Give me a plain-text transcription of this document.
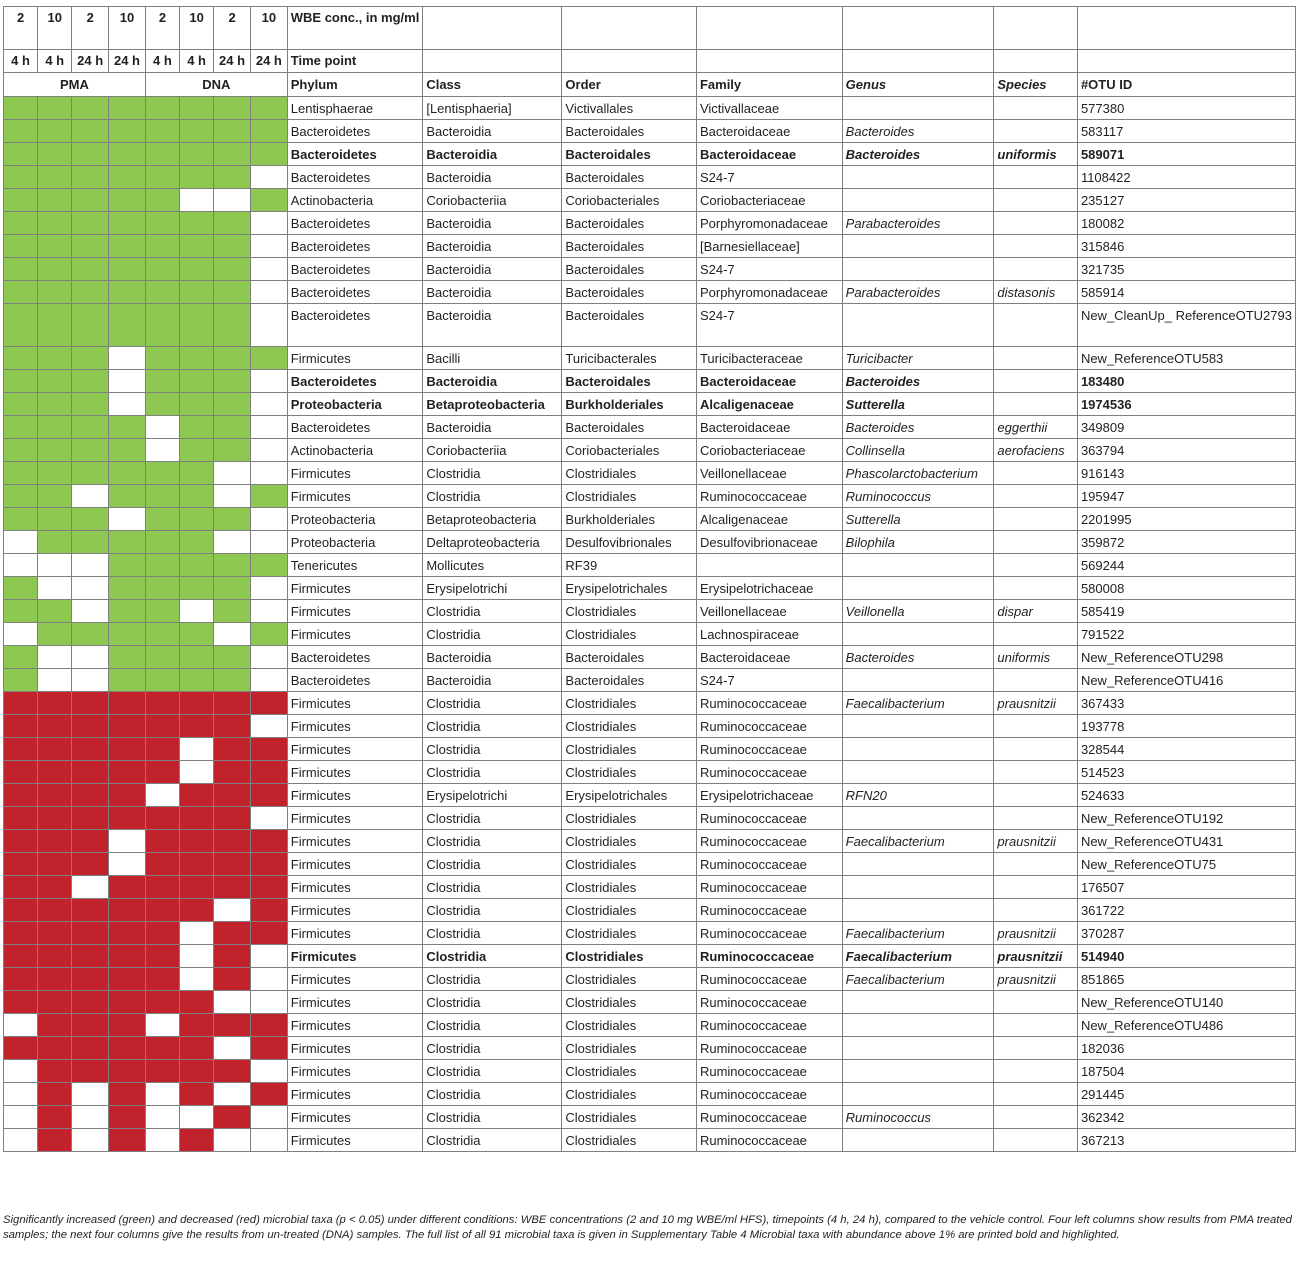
2	10	2	10	2	10	2	10	WBE conc., in mg/ml						
4 h	4 h	24 h	24 h	4 h	4 h	24 h	24 h	Time point						
PMA				DNA				Phylum	Class	Order	Family	Genus	Species	#OTU ID
								Lentisphaerae	[Lentisphaeria]	Victivallales	Victivallaceae			577380
								Bacteroidetes	Bacteroidia	Bacteroidales	Bacteroidaceae	Bacteroides		583117
								Bacteroidetes	Bacteroidia	Bacteroidales	Bacteroidaceae	Bacteroides	uniformis	589071
								Bacteroidetes	Bacteroidia	Bacteroidales	S24-7			1108422
								Actinobacteria	Coriobacteriia	Coriobacteriales	Coriobacteriaceae			235127
								Bacteroidetes	Bacteroidia	Bacteroidales	Porphyromonadaceae	Parabacteroides		180082
								Bacteroidetes	Bacteroidia	Bacteroidales	[Barnesiellaceae]			315846
								Bacteroidetes	Bacteroidia	Bacteroidales	S24-7			321735
								Bacteroidetes	Bacteroidia	Bacteroidales	Porphyromonadaceae	Parabacteroides	distasonis	585914
								Bacteroidetes	Bacteroidia	Bacteroidales	S24-7			New_CleanUp_ ReferenceOTU2793
								Firmicutes	Bacilli	Turicibacterales	Turicibacteraceae	Turicibacter		New_ReferenceOTU583
								Bacteroidetes	Bacteroidia	Bacteroidales	Bacteroidaceae	Bacteroides		183480
								Proteobacteria	Betaproteobacteria	Burkholderiales	Alcaligenaceae	Sutterella		1974536
								Bacteroidetes	Bacteroidia	Bacteroidales	Bacteroidaceae	Bacteroides	eggerthii	349809
								Actinobacteria	Coriobacteriia	Coriobacteriales	Coriobacteriaceae	Collinsella	aerofaciens	363794
								Firmicutes	Clostridia	Clostridiales	Veillonellaceae	Phascolarctobacterium		916143
								Firmicutes	Clostridia	Clostridiales	Ruminococcaceae	Ruminococcus		195947
								Proteobacteria	Betaproteobacteria	Burkholderiales	Alcaligenaceae	Sutterella		2201995
								Proteobacteria	Deltaproteobacteria	Desulfovibrionales	Desulfovibrionaceae	Bilophila		359872
								Tenericutes	Mollicutes	RF39				569244
								Firmicutes	Erysipelotrichi	Erysipelotrichales	Erysipelotrichaceae			580008
								Firmicutes	Clostridia	Clostridiales	Veillonellaceae	Veillonella	dispar	585419
								Firmicutes	Clostridia	Clostridiales	Lachnospiraceae			791522
								Bacteroidetes	Bacteroidia	Bacteroidales	Bacteroidaceae	Bacteroides	uniformis	New_ReferenceOTU298
								Bacteroidetes	Bacteroidia	Bacteroidales	S24-7			New_ReferenceOTU416
								Firmicutes	Clostridia	Clostridiales	Ruminococcaceae	Faecalibacterium	prausnitzii	367433
								Firmicutes	Clostridia	Clostridiales	Ruminococcaceae			193778
								Firmicutes	Clostridia	Clostridiales	Ruminococcaceae			328544
								Firmicutes	Clostridia	Clostridiales	Ruminococcaceae			514523
								Firmicutes	Erysipelotrichi	Erysipelotrichales	Erysipelotrichaceae	RFN20		524633
								Firmicutes	Clostridia	Clostridiales	Ruminococcaceae			New_ReferenceOTU192
								Firmicutes	Clostridia	Clostridiales	Ruminococcaceae	Faecalibacterium	prausnitzii	New_ReferenceOTU431
								Firmicutes	Clostridia	Clostridiales	Ruminococcaceae			New_ReferenceOTU75
								Firmicutes	Clostridia	Clostridiales	Ruminococcaceae			176507
								Firmicutes	Clostridia	Clostridiales	Ruminococcaceae			361722
								Firmicutes	Clostridia	Clostridiales	Ruminococcaceae	Faecalibacterium	prausnitzii	370287
								Firmicutes	Clostridia	Clostridiales	Ruminococcaceae	Faecalibacterium	prausnitzii	514940
								Firmicutes	Clostridia	Clostridiales	Ruminococcaceae	Faecalibacterium	prausnitzii	851865
								Firmicutes	Clostridia	Clostridiales	Ruminococcaceae			New_ReferenceOTU140
								Firmicutes	Clostridia	Clostridiales	Ruminococcaceae			New_ReferenceOTU486
								Firmicutes	Clostridia	Clostridiales	Ruminococcaceae			182036
								Firmicutes	Clostridia	Clostridiales	Ruminococcaceae			187504
								Firmicutes	Clostridia	Clostridiales	Ruminococcaceae			291445
								Firmicutes	Clostridia	Clostridiales	Ruminococcaceae	Ruminococcus		362342
								Firmicutes	Clostridia	Clostridiales	Ruminococcaceae			367213
Significantly increased (green) and decreased (red) microbial taxa (p < 0.05) under different conditions: WBE concentrations (2 and 10 mg WBE/ml HFS), timepoints (4 h, 24 h), compared to the vehicle control. Four left columns show results from PMA treated samples; the next four columns give the results from un-treated (DNA) samples. The full list of all 91 microbial taxa is given in Supplementary Table 4 Microbial taxa with abundance above 1% are printed bold and highlighted.
